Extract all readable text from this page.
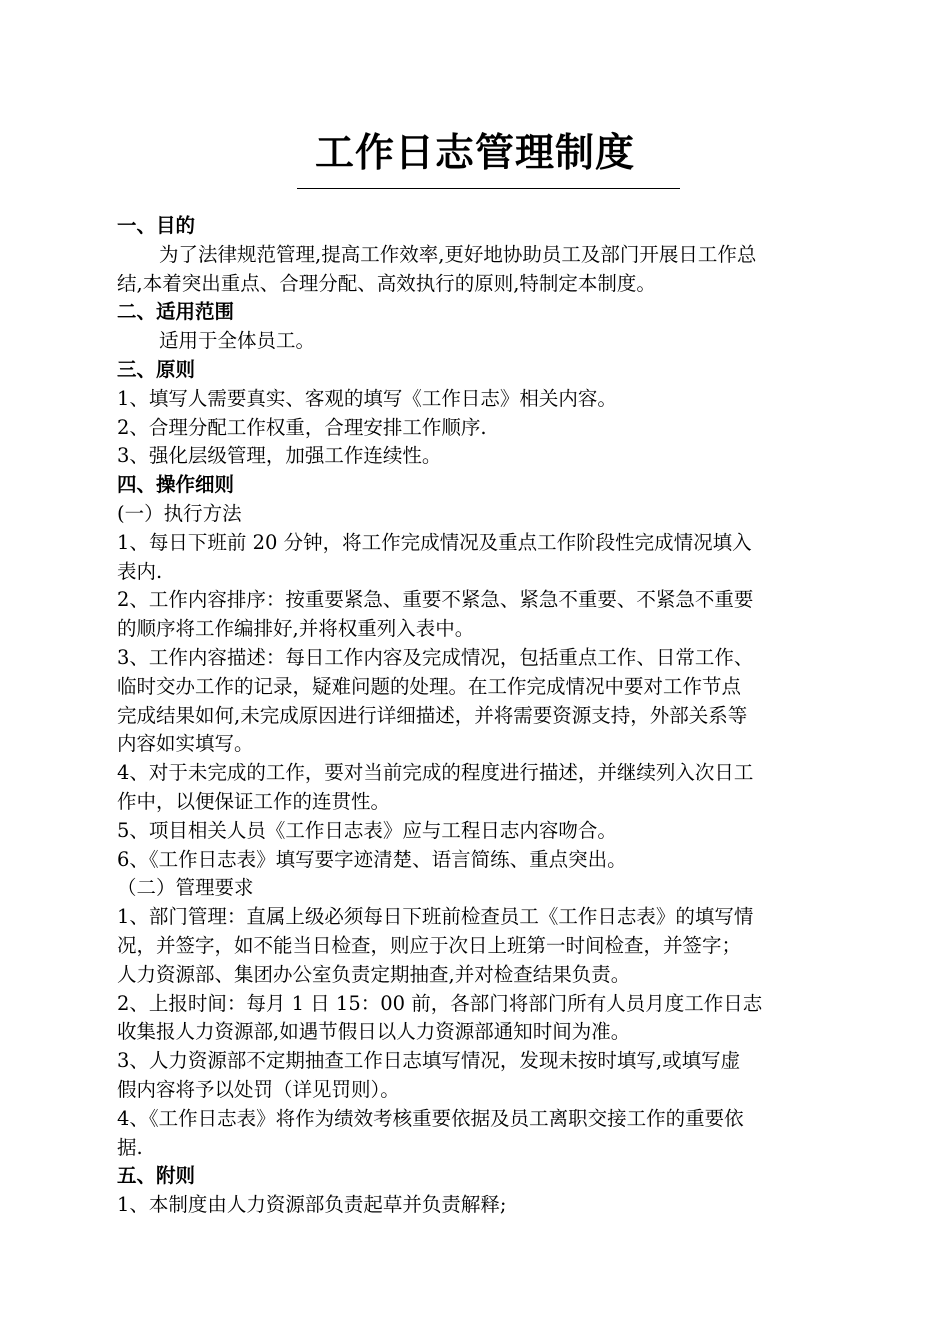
工作日志管理制度
一、目的
为了法律规范管理,提高工作效率,更好地协助员工及部门开展日工作总
结,本着突出重点、合理分配、高效执行的原则,特制定本制度。
二、适用范围
适用于全体员工。
三、原则
1、填写人需要真实、客观的填写《工作日志》相关内容。
2、合理分配工作权重，合理安排工作顺序.
3、强化层级管理，加强工作连续性。
四、操作细则
(一）执行方法
1、每日下班前 20 分钟，将工作完成情况及重点工作阶段性完成情况填入
表内.
2、工作内容排序：按重要紧急、重要不紧急、紧急不重要、不紧急不重要
的顺序将工作编排好,并将权重列入表中。
3、工作内容描述：每日工作内容及完成情况，包括重点工作、日常工作、
临时交办工作的记录，疑难问题的处理。在工作完成情况中要对工作节点
完成结果如何,未完成原因进行详细描述，并将需要资源支持，外部关系等
内容如实填写。
4、对于未完成的工作，要对当前完成的程度进行描述，并继续列入次日工
作中，以便保证工作的连贯性。
5、项目相关人员《工作日志表》应与工程日志内容吻合。
6、《工作日志表》填写要字迹清楚、语言简练、重点突出。
（二）管理要求
1、部门管理：直属上级必须每日下班前检查员工《工作日志表》的填写情
况，并签字，如不能当日检查，则应于次日上班第一时间检查，并签字；
人力资源部、集团办公室负责定期抽查,并对检查结果负责。
2、上报时间：每月 1 日 15：00 前，各部门将部门所有人员月度工作日志
收集报人力资源部,如遇节假日以人力资源部通知时间为准。
3、人力资源部不定期抽查工作日志填写情况，发现未按时填写,或填写虚
假内容将予以处罚（详见罚则）。
4、《工作日志表》将作为绩效考核重要依据及员工离职交接工作的重要依
据.
五、附则
1、本制度由人力资源部负责起草并负责解释;
